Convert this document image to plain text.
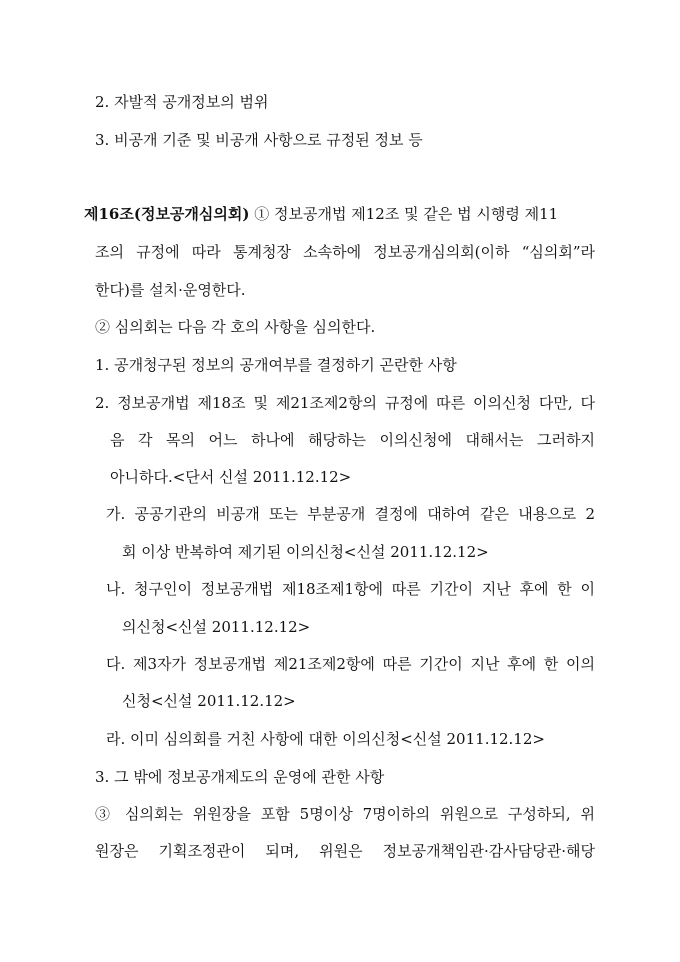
2. 자발적 공개정보의 범위
3. 비공개 기준 및 비공개 사항으로 규정된 정보 등
제16조(정보공개심의회) ① 정보공개법 제12조 및 같은 법 시행령 제11
조의 규정에 따라 통계청장 소속하에 정보공개심의회(이하 “심의회”라
한다)를 설치·운영한다.
② 심의회는 다음 각 호의 사항을 심의한다.
1. 공개청구된 정보의 공개여부를 결정하기 곤란한 사항
2. 정보공개법 제18조 및 제21조제2항의 규정에 따른 이의신청 다만, 다
음 각 목의 어느 하나에 해당하는 이의신청에 대해서는 그러하지
아니하다.<단서 신설 2011.12.12>
가. 공공기관의 비공개 또는 부분공개 결정에 대하여 같은 내용으로 2
회 이상 반복하여 제기된 이의신청<신설 2011.12.12>
나. 청구인이 정보공개법 제18조제1항에 따른 기간이 지난 후에 한 이
의신청<신설 2011.12.12>
다. 제3자가 정보공개법 제21조제2항에 따른 기간이 지난 후에 한 이의
신청<신설 2011.12.12>
라. 이미 심의회를 거친 사항에 대한 이의신청<신설 2011.12.12>
3. 그 밖에 정보공개제도의 운영에 관한 사항
③ 심의회는 위원장을 포함 5명이상 7명이하의 위원으로 구성하되, 위
원장은 기획조정관이 되며, 위원은 정보공개책임관·감사담당관·해당
